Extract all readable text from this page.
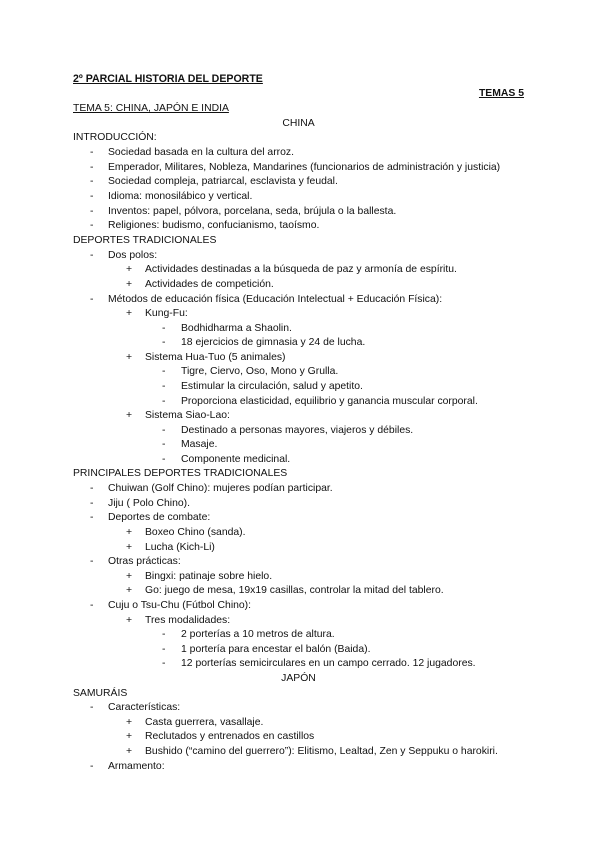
2º PARCIAL HISTORIA DEL DEPORTE
TEMAS 5
TEMA 5: CHINA, JAPÓN E INDIA
CHINA
INTRODUCCIÓN:
- Sociedad basada en la cultura del arroz.
- Emperador, Militares, Nobleza, Mandarines (funcionarios de administración y justicia)
- Sociedad compleja, patriarcal, esclavista y feudal.
- Idioma: monosilábico y vertical.
- Inventos: papel, pólvora, porcelana, seda, brújula o la ballesta.
- Religiones: budismo, confucianismo, taoísmo.
DEPORTES TRADICIONALES
- Dos polos:
+ Actividades destinadas a la búsqueda de paz y armonía de espíritu.
+ Actividades de competición.
- Métodos de educación física (Educación Intelectual + Educación Física):
+ Kung-Fu:
- Bodhidharma a Shaolin.
- 18 ejercicios de gimnasia y 24 de lucha.
+ Sistema Hua-Tuo (5 animales)
- Tigre, Ciervo, Oso, Mono y Grulla.
- Estimular la circulación, salud y apetito.
- Proporciona elasticidad, equilibrio y ganancia muscular corporal.
+ Sistema Siao-Lao:
- Destinado a personas mayores, viajeros y débiles.
- Masaje.
- Componente medicinal.
PRINCIPALES DEPORTES TRADICIONALES
- Chuiwan (Golf Chino): mujeres podían participar.
- Jiju ( Polo Chino).
- Deportes de combate:
+ Boxeo Chino (sanda).
+ Lucha (Kich-Li)
- Otras prácticas:
+ Bingxi: patinaje sobre hielo.
+ Go: juego de mesa, 19x19 casillas, controlar la mitad del tablero.
- Cuju o Tsu-Chu (Fútbol Chino):
+ Tres modalidades:
- 2 porterías a 10 metros de altura.
- 1 portería para encestar el balón (Baida).
- 12 porterías semicirculares en un campo cerrado. 12 jugadores.
JAPÓN
SAMURÁIS
- Características:
+ Casta guerrera, vasallaje.
+ Reclutados y entrenados en castillos
+ Bushido (“camino del guerrero”): Elitismo, Lealtad, Zen y Seppuku o harokiri.
- Armamento:
